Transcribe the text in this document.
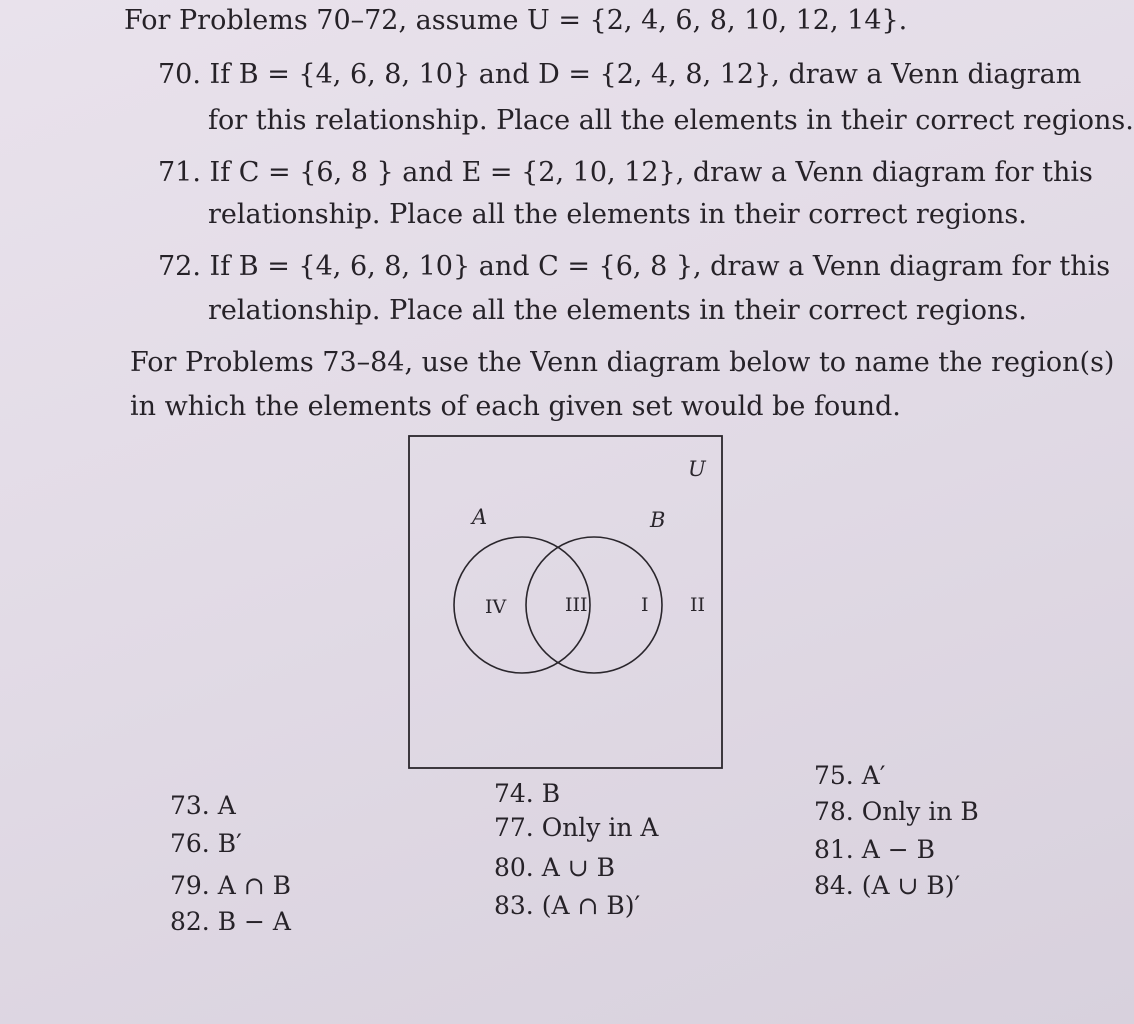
For Problems 70–72, assume U = {2, 4, 6, 8, 10, 12, 14}.
70. If B = {4, 6, 8, 10} and D = {2, 4, 8, 12}, draw a Venn diagram
for this relationship. Place all the elements in their correct regions.
71. If C = {6, 8 } and E = {2, 10, 12}, draw a Venn diagram for this
relationship. Place all the elements in their correct regions.
72. If B = {4, 6, 8, 10} and C = {6, 8 }, draw a Venn diagram for this
relationship. Place all the elements in their correct regions.
For Problems 73–84, use the Venn diagram below to name the region(s)
in which the elements of each given set would be found.
U
A	B
IV	III	I II
73. A
76. B′
79. A ∩ B
82. B − A
74. B
77. Only in A
80. A ∪ B
83. (A ∩ B)′
75. A′
78. Only in B
81. A − B
84. (A ∪ B)′
